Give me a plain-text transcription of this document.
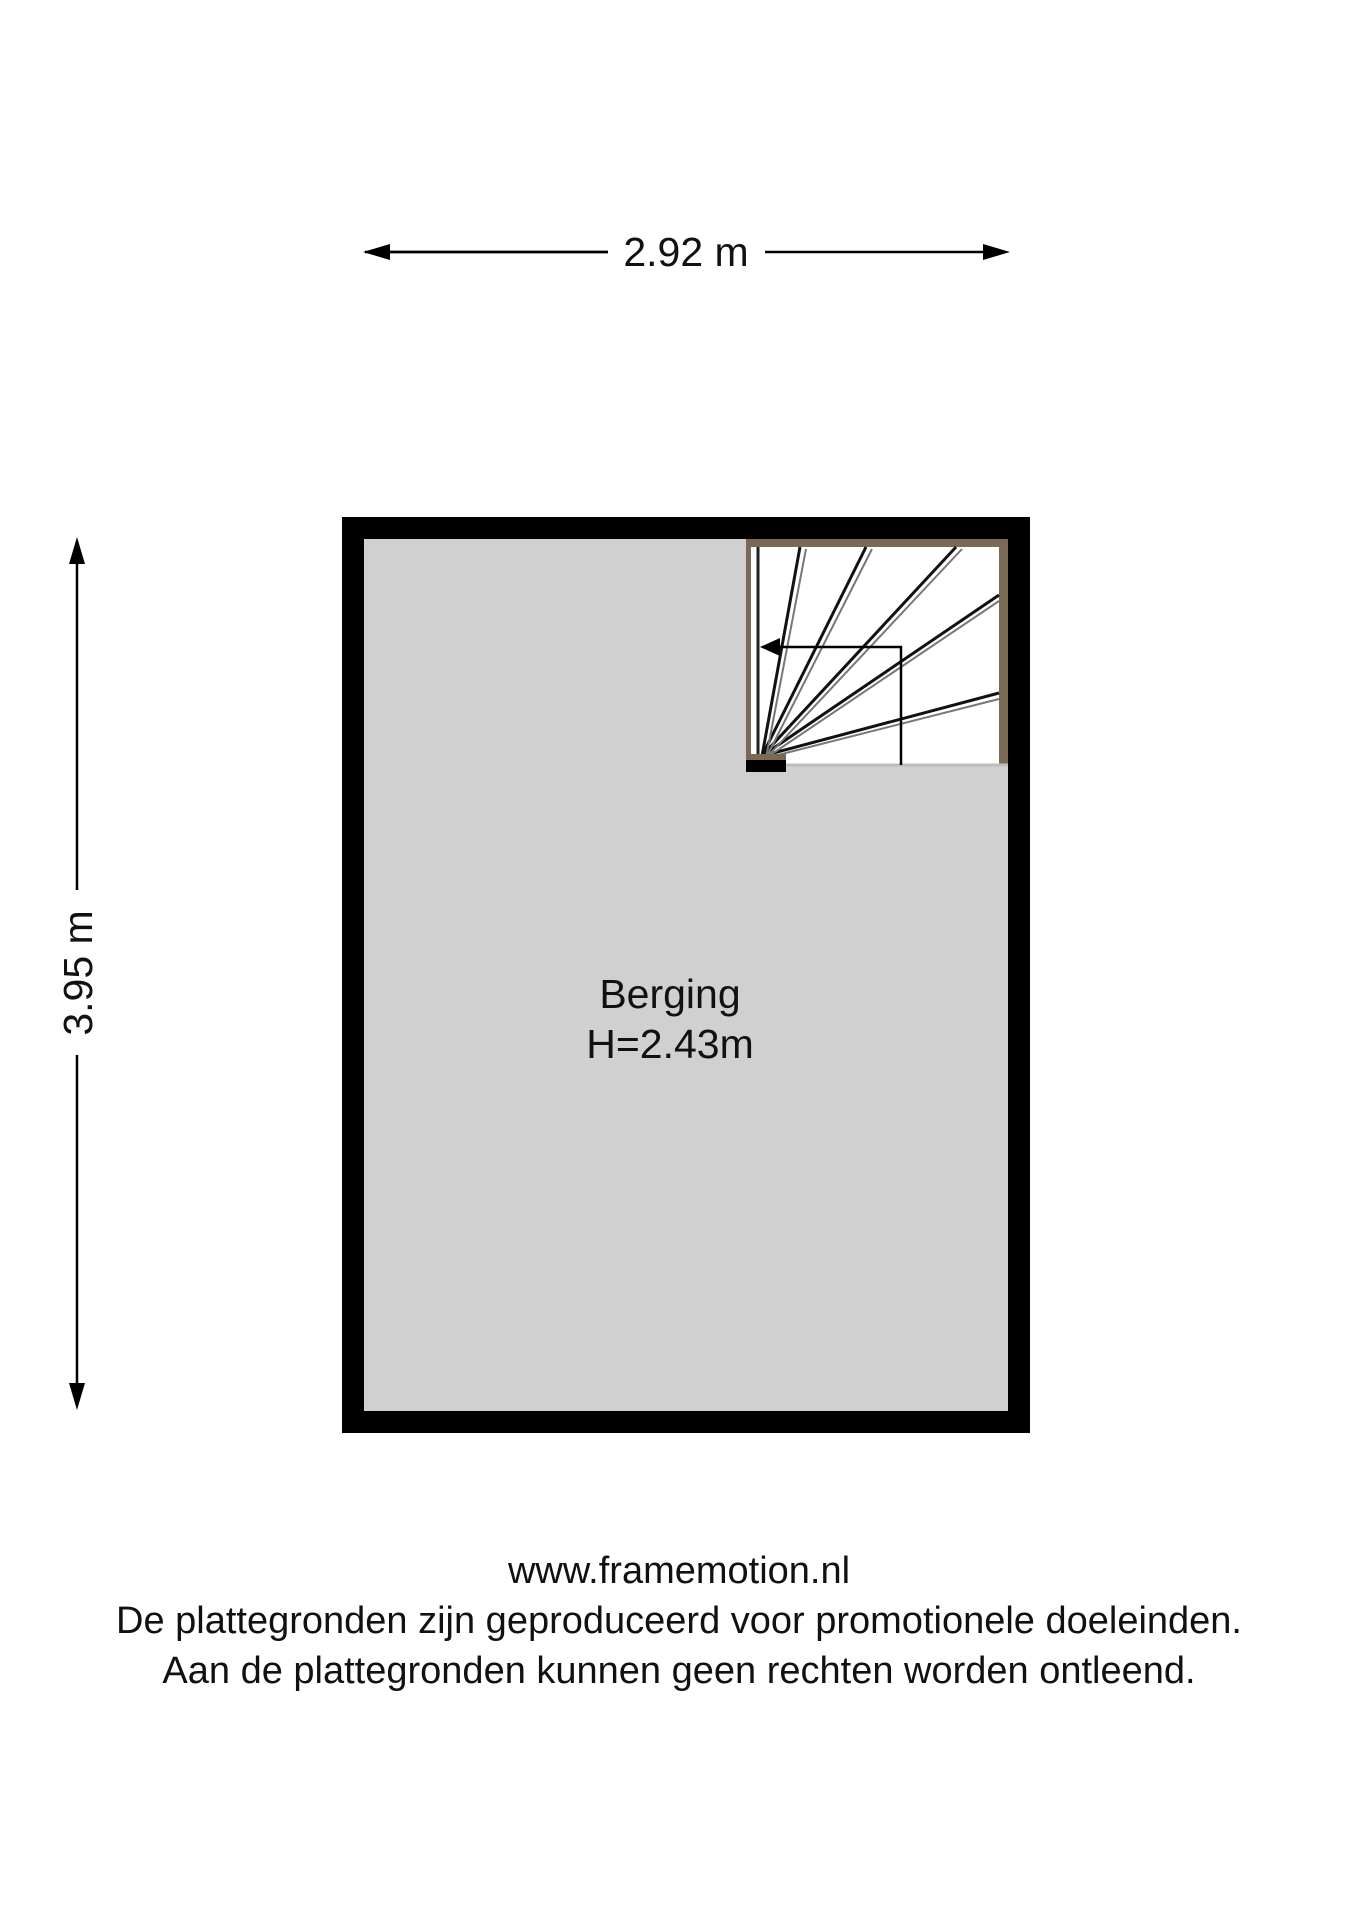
2.92 m
3.95 m	Berging
H=2.43m
www.framemotion.nl
De plattegronden zijn geproduceerd voor promotionele doeleinden.
Aan de plattegronden kunnen geen rechten worden ontleend.
